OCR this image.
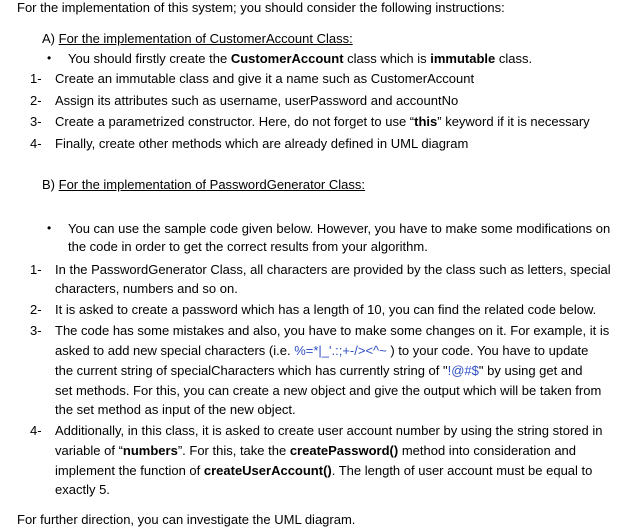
For the implementation of this system; you should consider the following instructions:
A) For the implementation of CustomerAccount Class:
• You should firstly create the CustomerAccount class which is immutable class.
1- Create an immutable class and give it a name such as CustomerAccount
2- Assign its attributes such as username, userPassword and accountNo
3- Create a parametrized constructor. Here, do not forget to use “this” keyword if it is necessary
4- Finally, create other methods which are already defined in UML diagram
B) For the implementation of PasswordGenerator Class:
• You can use the sample code given below. However, you have to make some modifications on
the code in order to get the correct results from your algorithm.
1- In the PasswordGenerator Class, all characters are provided by the class such as letters, special
characters, numbers and so on.
2- It is asked to create a password which has a length of 10, you can find the related code below.
3- The code has some mistakes and also, you have to make some changes on it. For example, it is
asked to add new special characters (i.e. %=*|_'.:;+-/><^~ ) to your code. You have to update
the current string of specialCharacters which has currently string of "!@#$" by using get and
set methods. For this, you can create a new object and give the output which will be taken from
the set method as input of the new object.
4- Additionally, in this class, it is asked to create user account number by using the string stored in
variable of “numbers”. For this, take the createPassword() method into consideration and
implement the function of createUserAccount(). The length of user account must be equal to
exactly 5.
For further direction, you can investigate the UML diagram.
